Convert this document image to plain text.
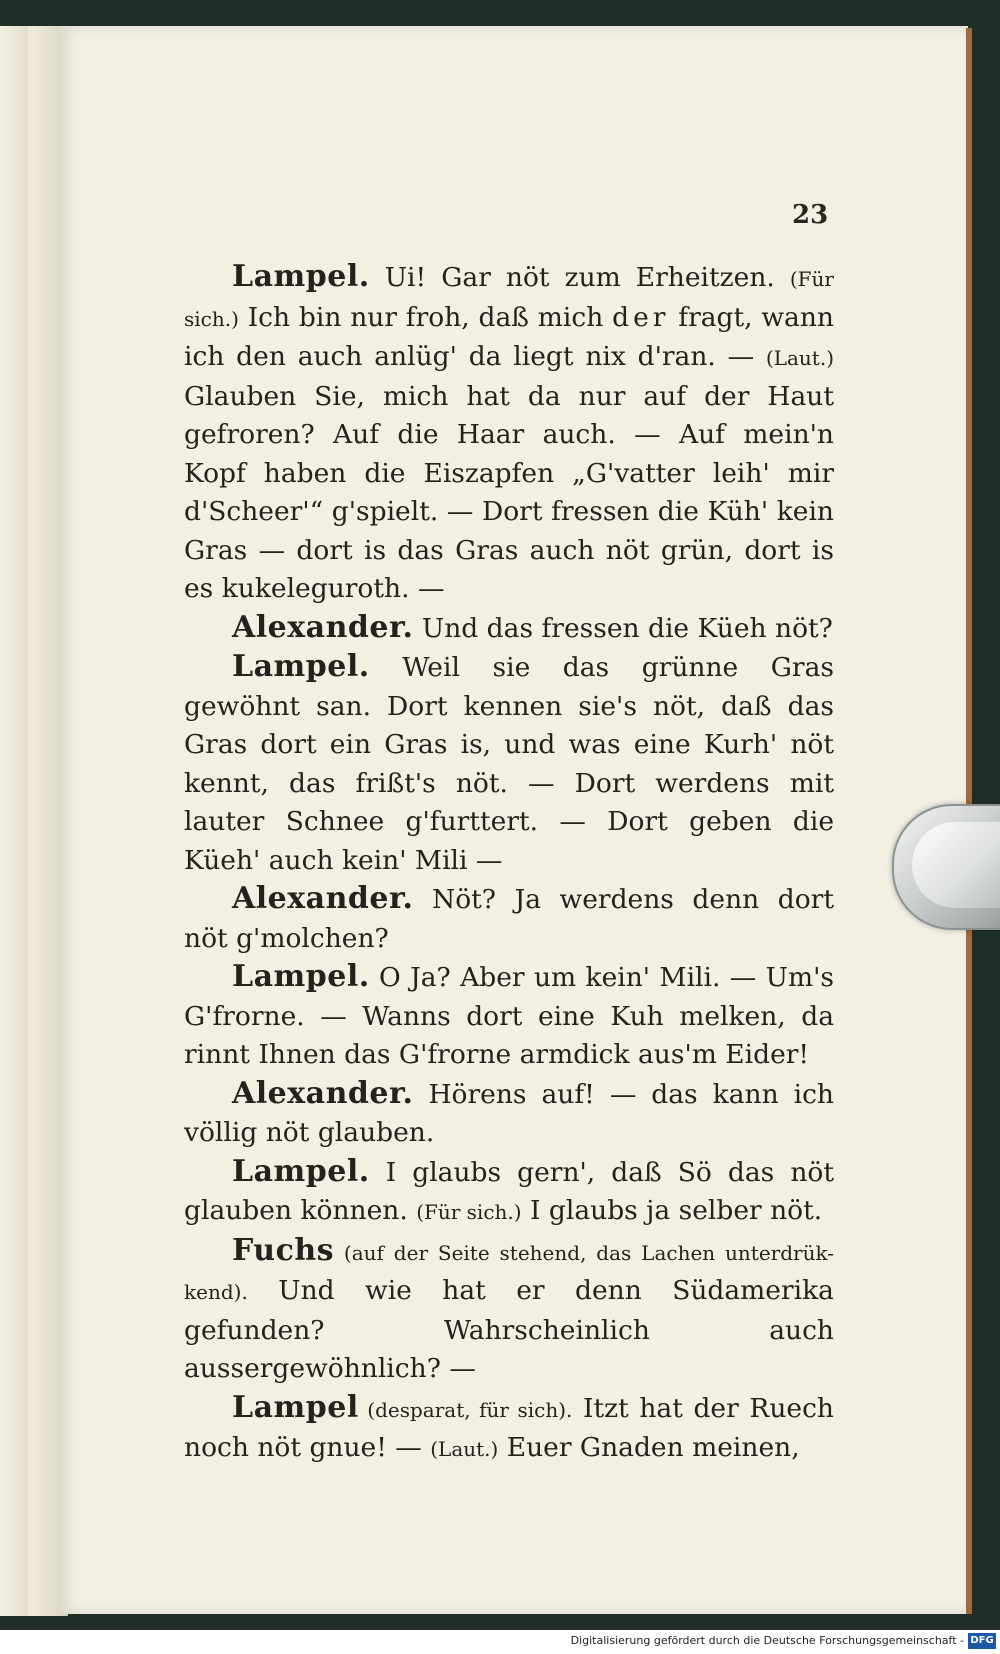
23

Lampel. Ui! Gar nöt zum Erheitzen. (Für sich.) Ich bin nur froh, daß mich der fragt, wann ich den auch anlüg' da liegt nix d'ran. — (Laut.) Glauben Sie, mich hat da nur auf der Haut gefroren? Auf die Haar auch. — Auf mein'n Kopf haben die Eiszapfen „G'vatter leih' mir d'Scheer'“ g'spielt. — Dort fressen die Küh' kein Gras — dort is das Gras auch nöt grün, dort is es kukeleguroth. —

Alexander. Und das fressen die Küeh nöt?

Lampel. Weil sie das grünne Gras gewöhnt san. Dort kennen sie's nöt, daß das Gras dort ein Gras is, und was eine Kurh' nöt kennt, das frißt's nöt. — Dort werdens mit lauter Schnee g'furttert. — Dort geben die Küeh' auch kein' Mili —

Alexander. Nöt? Ja werdens denn dort nöt g'molchen?

Lampel. O Ja? Aber um kein' Mili. — Um's G'frorne. — Wanns dort eine Kuh melken, da rinnt Ihnen das G'frorne armdick aus'm Eider!

Alexander. Hörens auf! — das kann ich völlig nöt glauben.

Lampel. I glaubs gern', daß Sö das nöt glauben können. (Für sich.) I glaubs ja selber nöt.

Fuchs (auf der Seite stehend, das Lachen unterdrük-kend). Und wie hat er denn Südamerika gefunden? Wahrscheinlich auch aussergewöhnlich? —

Lampel (desparat, für sich). Itzt hat der Ruech noch nöt gnue! — (Laut.) Euer Gnaden meinen,

Digitalisierung gefördert durch die Deutsche Forschungsgemeinschaft - DFG
